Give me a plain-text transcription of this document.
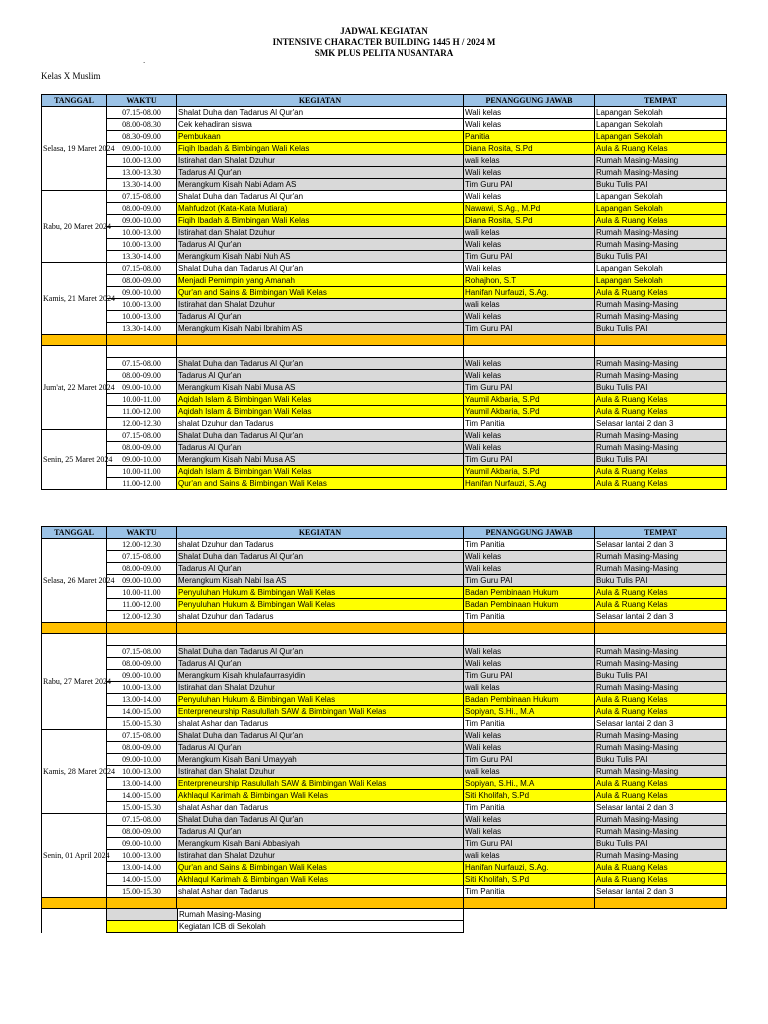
JADWAL KEGIATAN
INTENSIVE CHARACTER BUILDING 1445 H / 2024 M
SMK PLUS PELITA NUSANTARA
.
Kelas X Muslim
TANGGAL	WAKTU	KEGIATAN	PENANGGUNG JAWAB	TEMPAT
Selasa, 19 Maret 2024	07.15-08.00	Shalat Duha dan Tadarus Al Qur'an	Wali kelas	Lapangan Sekolah
	08.00-08.30	Cek kehadiran siswa	Wali kelas	Lapangan Sekolah
	08.30-09.00	Pembukaan	Panitia	Lapangan Sekolah
	09.00-10.00	Fiqih Ibadah & Bimbingan Wali Kelas	Diana Rosita, S.Pd	Aula & Ruang Kelas
	10.00-13.00	Istirahat dan Shalat Dzuhur	wali kelas	Rumah Masing-Masing
	13.00-13.30	Tadarus Al Qur'an	Wali kelas	Rumah Masing-Masing
	13.30-14.00	Merangkum Kisah Nabi Adam AS	Tim Guru PAI	Buku Tulis PAI
Rabu, 20 Maret 2024	07.15-08.00	Shalat Duha dan Tadarus Al Qur'an	Wali kelas	Lapangan Sekolah
	08.00-09.00	Mahfudzot (Kata-Kata Mutiara)	Nawawi, S.Ag., M.Pd	Lapangan Sekolah
	09.00-10.00	Fiqih Ibadah & Bimbingan Wali Kelas	Diana Rosita, S.Pd	Aula & Ruang Kelas
	10.00-13.00	Istirahat dan Shalat Dzuhur	wali kelas	Rumah Masing-Masing
	10.00-13.00	Tadarus Al Qur'an	Wali kelas	Rumah Masing-Masing
	13.30-14.00	Merangkum Kisah Nabi Nuh AS	Tim Guru PAI	Buku Tulis PAI
Kamis, 21 Maret 2024	07.15-08.00	Shalat Duha dan Tadarus Al Qur'an	Wali kelas	Lapangan Sekolah
	08.00-09.00	Menjadi Pemimpin yang Amanah	Rohajhon, S.T	Lapangan Sekolah
	09.00-10.00	Qur'an and Sains & Bimbingan Wali Kelas	Hanifan Nurfauzi, S.Ag.	Aula & Ruang Kelas
	10.00-13.00	Istirahat dan Shalat Dzuhur	wali kelas	Rumah Masing-Masing
	10.00-13.00	Tadarus Al Qur'an	Wali kelas	Rumah Masing-Masing
	13.30-14.00	Merangkum Kisah Nabi Ibrahim AS	Tim Guru PAI	Buku Tulis PAI

Jum'at, 22 Maret 2024				
	07.15-08.00	Shalat Duha dan Tadarus Al Qur'an	Wali kelas	Rumah Masing-Masing
	08.00-09.00	Tadarus Al Qur'an	Wali kelas	Rumah Masing-Masing
	09.00-10.00	Merangkum Kisah Nabi Musa AS	Tim Guru PAI	Buku Tulis PAI
	10.00-11.00	Aqidah Islam & Bimbingan Wali Kelas	Yaumil Akbaria, S.Pd	Aula & Ruang Kelas
	11.00-12.00	Aqidah Islam & Bimbingan Wali Kelas	Yaumil Akbaria, S.Pd	Aula & Ruang Kelas
	12.00-12.30	shalat Dzuhur dan Tadarus	Tim Panitia	Selasar lantai 2 dan 3
Senin, 25 Maret 2024	07.15-08.00	Shalat Duha dan Tadarus Al Qur'an	Wali kelas	Rumah Masing-Masing
	08.00-09.00	Tadarus Al Qur'an	Wali kelas	Rumah Masing-Masing
	09.00-10.00	Merangkum Kisah Nabi Musa AS	Tim Guru PAI	Buku Tulis PAI
	10.00-11.00	Aqidah Islam & Bimbingan Wali Kelas	Yaumil Akbaria, S.Pd	Aula & Ruang Kelas
	11.00-12.00	Qur'an and Sains & Bimbingan Wali Kelas	Hanifan Nurfauzi, S.Ag	Aula & Ruang Kelas
TANGGAL	WAKTU	KEGIATAN	PENANGGUNG JAWAB	TEMPAT
Selasa, 26 Maret 2024	12.00-12.30	shalat Dzuhur dan Tadarus	Tim Panitia	Selasar lantai 2 dan 3
	07.15-08.00	Shalat Duha dan Tadarus Al Qur'an	Wali kelas	Rumah Masing-Masing
	08.00-09.00	Tadarus Al Qur'an	Wali kelas	Rumah Masing-Masing
	09.00-10.00	Merangkum Kisah Nabi Isa AS	Tim Guru PAI	Buku Tulis PAI
	10.00-11.00	Penyuluhan Hukum & Bimbingan Wali Kelas	Badan Pembinaan Hukum	Aula & Ruang Kelas
	11.00-12.00	Penyuluhan Hukum & Bimbingan Wali Kelas	Badan Pembinaan Hukum	Aula & Ruang Kelas
	12.00-12.30	shalat Dzuhur dan Tadarus	Tim Panitia	Selasar lantai 2 dan 3

Rabu, 27 Maret 2024				
	07.15-08.00	Shalat Duha dan Tadarus Al Qur'an	Wali kelas	Rumah Masing-Masing
	08.00-09.00	Tadarus Al Qur'an	Wali kelas	Rumah Masing-Masing
	09.00-10.00	Merangkum Kisah khulafaurrasyidin	Tim Guru PAI	Buku Tulis PAI
	10.00-13.00	Istirahat dan Shalat Dzuhur	wali kelas	Rumah Masing-Masing
	13.00-14.00	Penyuluhan Hukum & Bimbingan Wali Kelas	Badan Pembinaan Hukum	Aula & Ruang Kelas
	14.00-15.00	Enterpreneurship Rasulullah SAW & Bimbingan Wali Kelas	Sopiyan, S.Hi., M.A	Aula & Ruang Kelas
	15.00-15.30	shalat Ashar dan Tadarus	Tim Panitia	Selasar lantai 2 dan 3
Kamis, 28 Maret 2024	07.15-08.00	Shalat Duha dan Tadarus Al Qur'an	Wali kelas	Rumah Masing-Masing
	08.00-09.00	Tadarus Al Qur'an	Wali kelas	Rumah Masing-Masing
	09.00-10.00	Merangkum Kisah Bani Umayyah	Tim Guru PAI	Buku Tulis PAI
	10.00-13.00	Istirahat dan Shalat Dzuhur	wali kelas	Rumah Masing-Masing
	13.00-14.00	Enterpreneurship Rasulullah SAW & Bimbingan Wali Kelas	Sopiyan, S.Hi., M.A	Aula & Ruang Kelas
	14.00-15.00	Akhlaqul Karimah & Bimbingan Wali Kelas	Siti Kholifah, S.Pd	Aula & Ruang Kelas
	15.00-15.30	shalat Ashar dan Tadarus	Tim Panitia	Selasar lantai 2 dan 3
Senin, 01 April 2024	07.15-08.00	Shalat Duha dan Tadarus Al Qur'an	Wali kelas	Rumah Masing-Masing
	08.00-09.00	Tadarus Al Qur'an	Wali kelas	Rumah Masing-Masing
	09.00-10.00	Merangkum Kisah Bani Abbasiyah	Tim Guru PAI	Buku Tulis PAI
	10.00-13.00	Istirahat dan Shalat Dzuhur	wali kelas	Rumah Masing-Masing
	13.00-14.00	Qur'an and Sains & Bimbingan Wali Kelas	Hanifan Nurfauzi, S.Ag.	Aula & Ruang Kelas
	14.00-15.00	Akhlaqul Karimah & Bimbingan Wali Kelas	Siti Kholifah, S.Pd	Aula & Ruang Kelas
	15.00-15.30	shalat Ashar dan Tadarus	Tim Panitia	Selasar lantai 2 dan 3

	Rumah Masing-Masing
	Kegiatan ICB di Sekolah
